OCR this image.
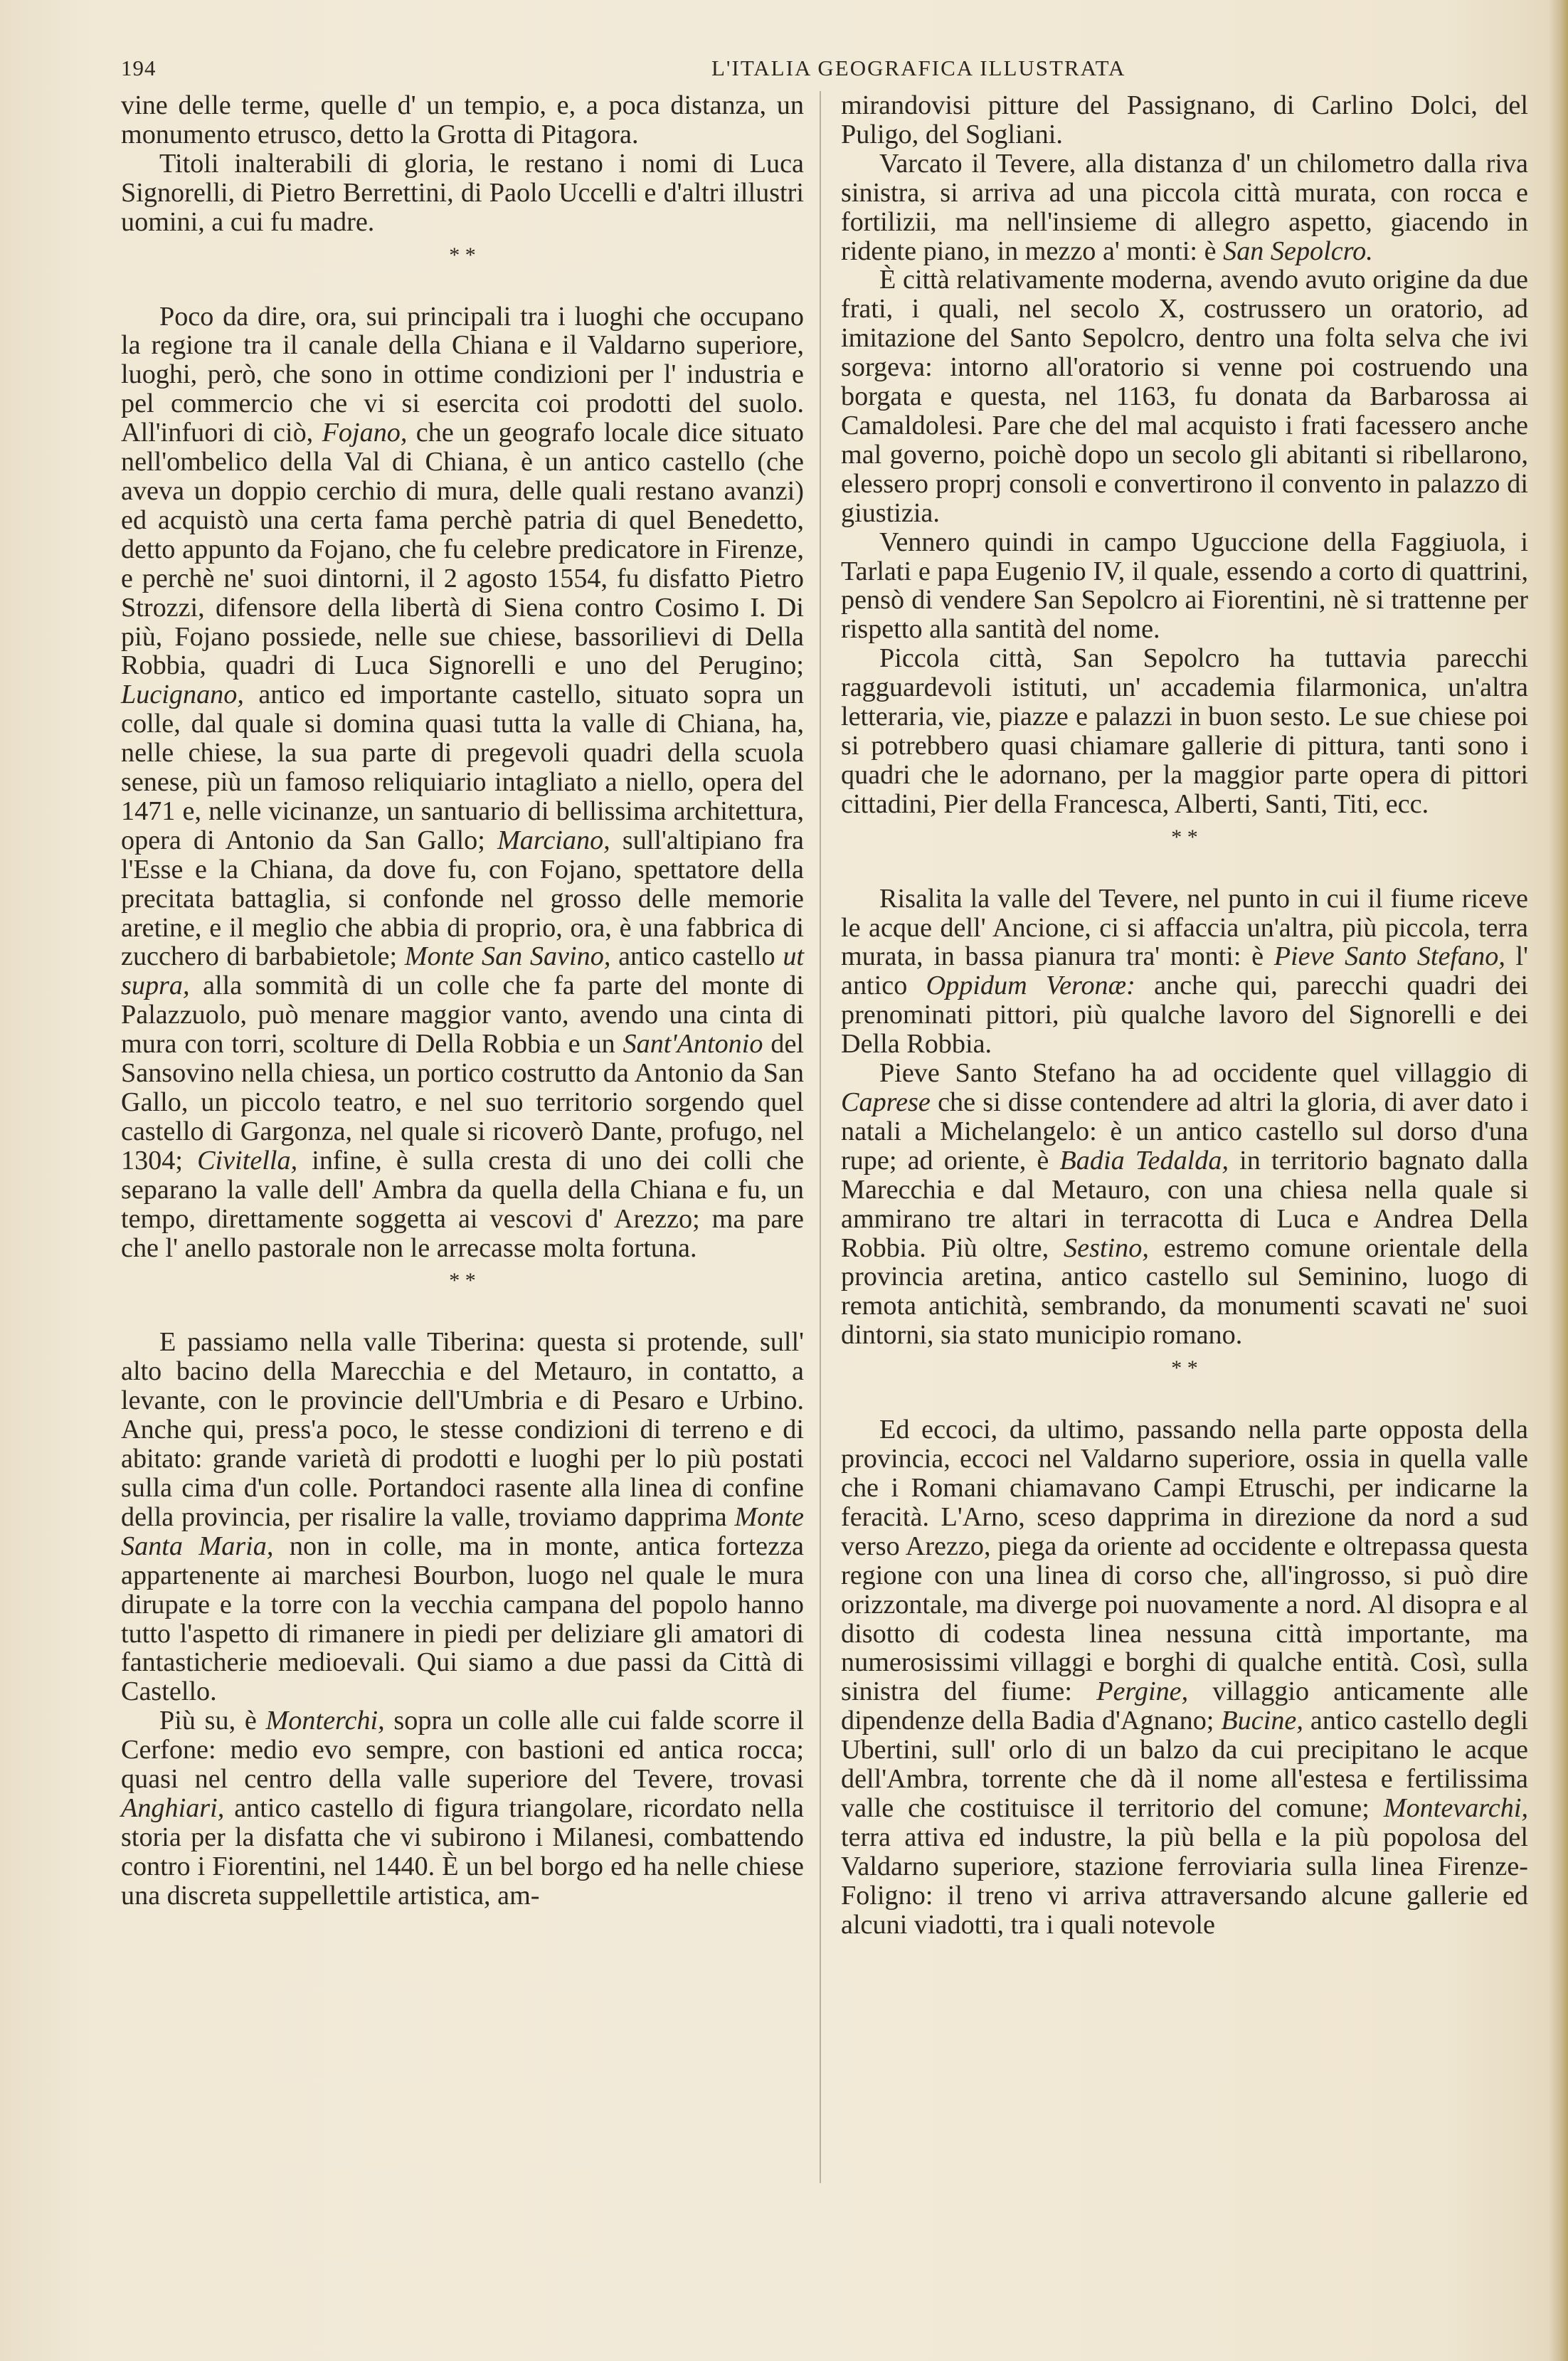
194	L'ITALIA GEOGRAFICA ILLUSTRATA

vine delle terme, quelle d' un tempio, e, a poca distanza, un monumento etrusco, detto la Grotta di Pitagora.

Titoli inalterabili di gloria, le restano i nomi di Luca Signorelli, di Pietro Berrettini, di Paolo Uccelli e d'altri illustri uomini, a cui fu madre.

* *

Poco da dire, ora, sui principali tra i luoghi che occupano la regione tra il canale della Chiana e il Valdarno superiore, luoghi, però, che sono in ottime condizioni per l' industria e pel commercio che vi si esercita coi prodotti del suolo. All'infuori di ciò, Fojano, che un geografo locale dice situato nell'ombelico della Val di Chiana, è un antico castello (che aveva un doppio cerchio di mura, delle quali restano avanzi) ed acquistò una certa fama perchè patria di quel Benedetto, detto appunto da Fojano, che fu celebre predicatore in Firenze, e perchè ne' suoi dintorni, il 2 agosto 1554, fu disfatto Pietro Strozzi, difensore della libertà di Siena contro Cosimo I. Di più, Fojano possiede, nelle sue chiese, bassorilievi di Della Robbia, quadri di Luca Signorelli e uno del Perugino; Lucignano, antico ed importante castello, situato sopra un colle, dal quale si domina quasi tutta la valle di Chiana, ha, nelle chiese, la sua parte di pregevoli quadri della scuola senese, più un famoso reliquiario intagliato a niello, opera del 1471 e, nelle vicinanze, un santuario di bellissima architettura, opera di Antonio da San Gallo; Marciano, sull'altipiano fra l'Esse e la Chiana, da dove fu, con Fojano, spettatore della precitata battaglia, si confonde nel grosso delle memorie aretine, e il meglio che abbia di proprio, ora, è una fabbrica di zucchero di barbabietole; Monte San Savino, antico castello ut supra, alla sommità di un colle che fa parte del monte di Palazzuolo, può menare maggior vanto, avendo una cinta di mura con torri, scolture di Della Robbia e un Sant'Antonio del Sansovino nella chiesa, un portico costrutto da Antonio da San Gallo, un piccolo teatro, e nel suo territorio sorgendo quel castello di Gargonza, nel quale si ricoverò Dante, profugo, nel 1304; Civitella, infine, è sulla cresta di uno dei colli che separano la valle dell' Ambra da quella della Chiana e fu, un tempo, direttamente soggetta ai vescovi d' Arezzo; ma pare che l' anello pastorale non le arrecasse molta fortuna.

* *

E passiamo nella valle Tiberina: questa si protende, sull' alto bacino della Marecchia e del Metauro, in contatto, a levante, con le provincie dell'Umbria e di Pesaro e Urbino. Anche qui, press'a poco, le stesse condizioni di terreno e di abitato: grande varietà di prodotti e luoghi per lo più postati sulla cima d'un colle. Portandoci rasente alla linea di confine della provincia, per risalire la valle, troviamo dapprima Monte Santa Maria, non in colle, ma in monte, antica fortezza appartenente ai marchesi Bourbon, luogo nel quale le mura dirupate e la torre con la vecchia campana del popolo hanno tutto l'aspetto di rimanere in piedi per deliziare gli amatori di fantasticherie medioevali. Qui siamo a due passi da Città di Castello.

Più su, è Monterchi, sopra un colle alle cui falde scorre il Cerfone: medio evo sempre, con bastioni ed antica rocca; quasi nel centro della valle superiore del Tevere, trovasi Anghiari, antico castello di figura triangolare, ricordato nella storia per la disfatta che vi subirono i Milanesi, combattendo contro i Fiorentini, nel 1440. È un bel borgo ed ha nelle chiese una discreta suppellettile artistica, am-

mirandovisi pitture del Passignano, di Carlino Dolci, del Puligo, del Sogliani.

Varcato il Tevere, alla distanza d' un chilometro dalla riva sinistra, si arriva ad una piccola città murata, con rocca e fortilizii, ma nell'insieme di allegro aspetto, giacendo in ridente piano, in mezzo a' monti: è San Sepolcro.

È città relativamente moderna, avendo avuto origine da due frati, i quali, nel secolo X, costrussero un oratorio, ad imitazione del Santo Sepolcro, dentro una folta selva che ivi sorgeva: intorno all'oratorio si venne poi costruendo una borgata e questa, nel 1163, fu donata da Barbarossa ai Camaldolesi. Pare che del mal acquisto i frati facessero anche mal governo, poichè dopo un secolo gli abitanti si ribellarono, elessero proprj consoli e convertirono il convento in palazzo di giustizia.

Vennero quindi in campo Uguccione della Faggiuola, i Tarlati e papa Eugenio IV, il quale, essendo a corto di quattrini, pensò di vendere San Sepolcro ai Fiorentini, nè si trattenne per rispetto alla santità del nome.

Piccola città, San Sepolcro ha tuttavia parecchi ragguardevoli istituti, un' accademia filarmonica, un'altra letteraria, vie, piazze e palazzi in buon sesto. Le sue chiese poi si potrebbero quasi chiamare gallerie di pittura, tanti sono i quadri che le adornano, per la maggior parte opera di pittori cittadini, Pier della Francesca, Alberti, Santi, Titi, ecc.

* *

Risalita la valle del Tevere, nel punto in cui il fiume riceve le acque dell' Ancione, ci si affaccia un'altra, più piccola, terra murata, in bassa pianura tra' monti: è Pieve Santo Stefano, l' antico Oppidum Veronæ: anche qui, parecchi quadri dei prenominati pittori, più qualche lavoro del Signorelli e dei Della Robbia.

Pieve Santo Stefano ha ad occidente quel villaggio di Caprese che si disse contendere ad altri la gloria, di aver dato i natali a Michelangelo: è un antico castello sul dorso d'una rupe; ad oriente, è Badia Tedalda, in territorio bagnato dalla Marecchia e dal Metauro, con una chiesa nella quale si ammirano tre altari in terracotta di Luca e Andrea Della Robbia. Più oltre, Sestino, estremo comune orientale della provincia aretina, antico castello sul Seminino, luogo di remota antichità, sembrando, da monumenti scavati ne' suoi dintorni, sia stato municipio romano.

* *

Ed eccoci, da ultimo, passando nella parte opposta della provincia, eccoci nel Valdarno superiore, ossia in quella valle che i Romani chiamavano Campi Etruschi, per indicarne la feracità. L'Arno, sceso dapprima in direzione da nord a sud verso Arezzo, piega da oriente ad occidente e oltrepassa questa regione con una linea di corso che, all'ingrosso, si può dire orizzontale, ma diverge poi nuovamente a nord. Al disopra e al disotto di codesta linea nessuna città importante, ma numerosissimi villaggi e borghi di qualche entità. Così, sulla sinistra del fiume: Pergine, villaggio anticamente alle dipendenze della Badia d'Agnano; Bucine, antico castello degli Ubertini, sull' orlo di un balzo da cui precipitano le acque dell'Ambra, torrente che dà il nome all'estesa e fertilissima valle che costituisce il territorio del comune; Montevarchi, terra attiva ed industre, la più bella e la più popolosa del Valdarno superiore, stazione ferroviaria sulla linea Firenze-Foligno: il treno vi arriva attraversando alcune gallerie ed alcuni viadotti, tra i quali notevole
